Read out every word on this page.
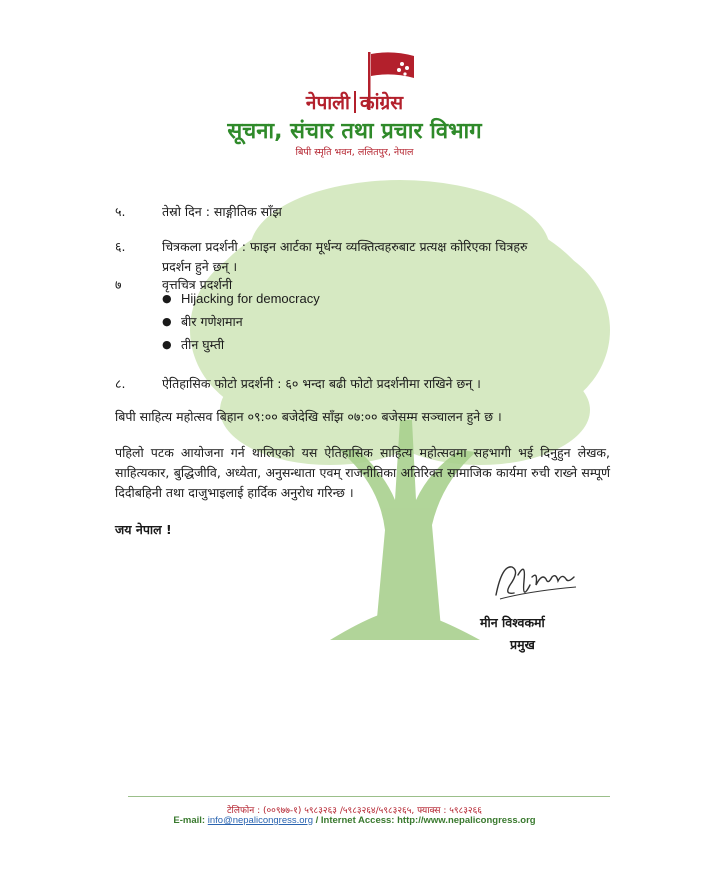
नेपाली कांग्रेस
सूचना, संचार तथा प्रचार विभाग
बिपी स्मृति भवन, ललितपुर, नेपाल
५.	तेस्रो दिन : साङ्गीतिक साँझ
६.	चित्रकला प्रदर्शनी : फाइन आर्टका मूर्धन्य व्यक्तित्वहरुबाट प्रत्यक्ष कोरिएका चित्रहरु
प्रदर्शन हुने छन् ।
७	वृत्तचित्र प्रदर्शनी
● Hijacking for democracy
● बीर गणेशमान
● तीन घुम्ती
८.	ऐतिहासिक फोटो प्रदर्शनी : ६० भन्दा बढी फोटो प्रदर्शनीमा राखिने छन् ।
बिपी साहित्य महोत्सव बिहान ०९:०० बजेदेखि साँझ ०७:०० बजेसम्म सञ्चालन हुने छ ।
पहिलो पटक आयोजना गर्न थालिएको यस ऐतिहासिक साहित्य महोत्सवमा सहभागी भई दिनुहुन लेखक, साहित्यकार, बुद्धिजीवि, अध्येता, अनुसन्धाता एवम् राजनीतिका अतिरिक्त सामाजिक कार्यमा रुची राख्ने सम्पूर्ण दिदीबहिनी तथा दाजुभाइलाई हार्दिक अनुरोध गरिन्छ ।
जय नेपाल !
मीन विश्वकर्मा
प्रमुख
टेलिफोन : (००९७७-१) ५९८३२६३ /५९८३२६४/५९८३२६५, फ्याक्स : ५९८३२६६
E-mail: info@nepalicongress.org / Internet Access: http://www.nepalicongress.org
